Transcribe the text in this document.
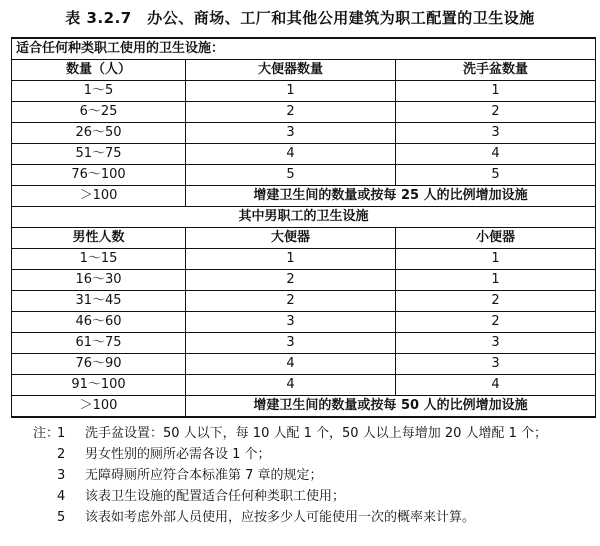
表 3.2.7　办公、商场、工厂和其他公用建筑为职工配置的卫生设施
适合任何种类职工使用的卫生设施：		
数量（人）	大便器数量	洗手盆数量
1～5	1	1
6～25	2	2
26～50	3	3
51～75	4	4
76～100	5	5
＞100	增建卫生间的数量或按每 25 人的比例增加设施	
其中男职工的卫生设施		
男性人数	大便器	小便器
1～15	1	1
16～30	2	1
31～45	2	2
46～60	3	2
61～75	3	3
76～90	4	3
91～100	4	4
＞100	增建卫生间的数量或按每 50 人的比例增加设施	
注：
1	洗手盆设置：50 人以下，每 10 人配 1 个，50 人以上每增加 20 人增配 1 个；
2	男女性别的厕所必需各设 1 个；
3	无障碍厕所应符合本标准第 7 章的规定；
4	该表卫生设施的配置适合任何种类职工使用；
5	该表如考虑外部人员使用，应按多少人可能使用一次的概率来计算。
